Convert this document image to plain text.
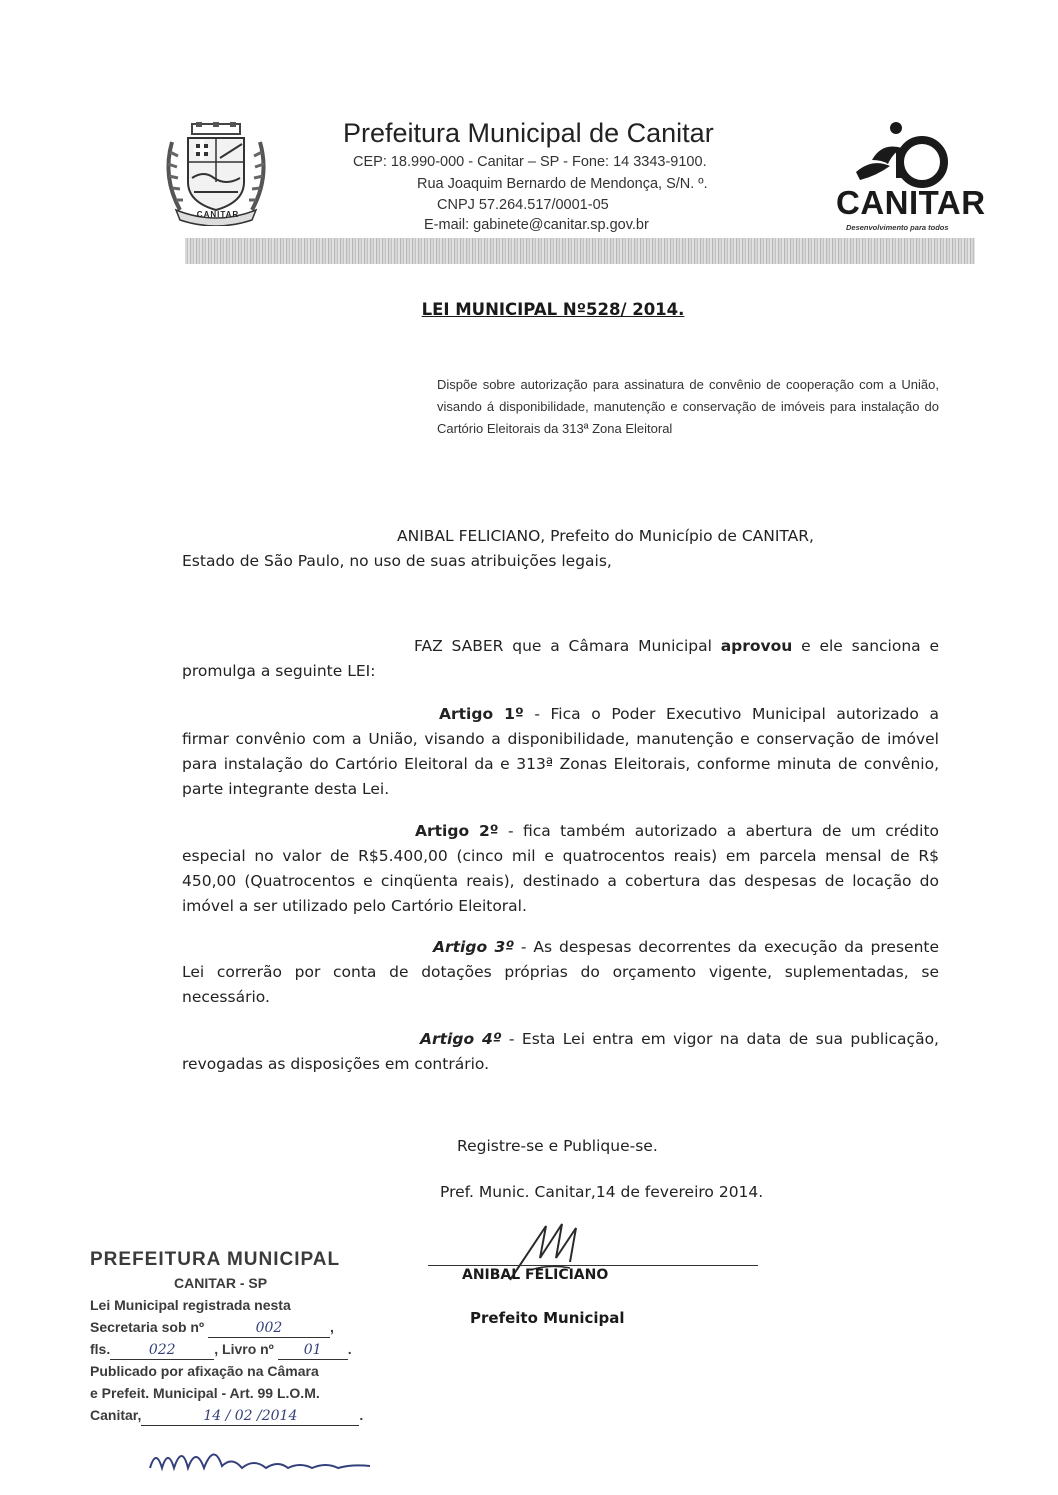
CANITAR
Prefeitura Municipal de Canitar
CEP: 18.990-000 - Canitar – SP - Fone: 14 3343-9100.
Rua Joaquim Bernardo de Mendonça, S/N. º.
CNPJ 57.264.517/0001-05
E-mail: gabinete@canitar.sp.gov.br
CANITAR
Desenvolvimento para todos
LEI MUNICIPAL Nº528/ 2014.
Dispõe sobre autorização para assinatura de convênio de cooperação com a União, visando á disponibilidade, manutenção e conservação de imóveis para instalação do Cartório Eleitorais da 313ª Zona Eleitoral
ANIBAL FELICIANO, Prefeito do Município de CANITAR,
Estado de São Paulo, no uso de suas atribuições legais,
FAZ SABER que a Câmara Municipal aprovou e ele sanciona e promulga a seguinte LEI:
Artigo 1º - Fica o Poder Executivo Municipal autorizado a firmar convênio com a União, visando a disponibilidade, manutenção e conservação de imóvel para instalação do Cartório Eleitoral da e 313ª Zonas Eleitorais, conforme minuta de convênio, parte integrante desta Lei.
Artigo 2º - fica também autorizado a abertura de um crédito especial no valor de R$5.400,00 (cinco mil e quatrocentos reais) em parcela mensal de R$ 450,00 (Quatrocentos e cinqüenta reais), destinado a cobertura das despesas de locação do imóvel a ser utilizado pelo Cartório Eleitoral.
Artigo 3º - As despesas decorrentes da execução da presente Lei correrão por conta de dotações próprias do orçamento vigente, suplementadas, se necessário.
Artigo 4º - Esta Lei entra em vigor na data de sua publicação, revogadas as disposições em contrário.
Registre-se e Publique-se.
Pref. Munic. Canitar,14 de fevereiro 2014.
ANIBAL FELICIANO
Prefeito Municipal
PREFEITURA MUNICIPAL
CANITAR - SP
Lei Municipal registrada nesta
Secretaria sob nº	002	,
fls.	022	, Livro nº 01 .
Publicado por afixação na Câmara
e Prefeit. Municipal - Art. 99 L.O.M.
Canitar,	14 / 02 /2014	.
